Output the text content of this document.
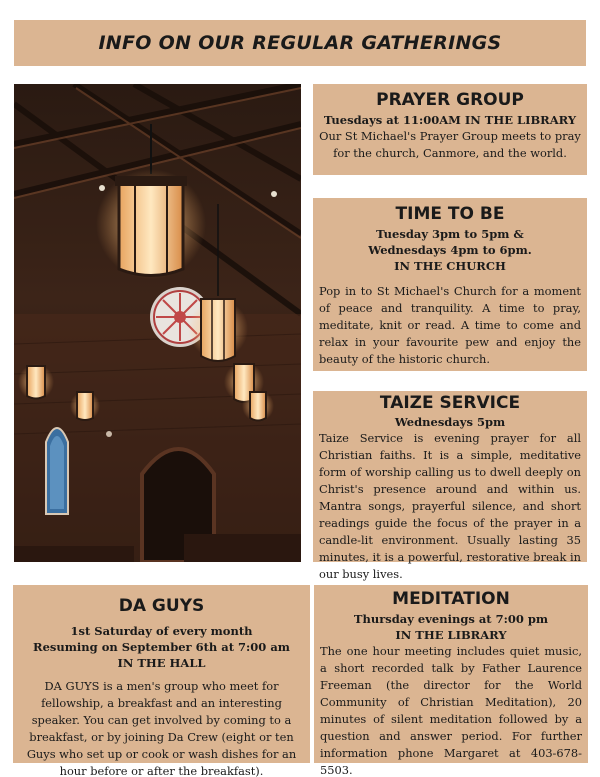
INFO ON OUR REGULAR GATHERINGS
PRAYER GROUP
Tuesdays at 11:00AM IN THE LIBRARY
Our St Michael's Prayer Group meets to pray for the church, Canmore, and the world.
TIME TO BE
Tuesday 3pm to 5pm &
Wednesdays 4pm to 6pm.
IN THE CHURCH
Pop in to St Michael's Church for a moment of peace and tranquility. A time to pray, meditate, knit or read. A time to come and relax in your favourite pew and enjoy the beauty of the historic church.
TAIZE SERVICE
Wednesdays 5pm
Taize Service is evening prayer for all Christian faiths. It is a simple, meditative form of worship calling us to dwell deeply on Christ's presence around and within us. Mantra songs, prayerful silence, and short readings guide the focus of the prayer in a candle-lit environment. Usually lasting 35 minutes, it is a powerful, restorative break in our busy lives.
DA GUYS
1st Saturday of every month
Resuming on September 6th at 7:00 am
IN THE HALL
DA GUYS is a men's group who meet for fellowship, a breakfast and an interesting speaker. You can get involved by coming to a breakfast, or by joining Da Crew (eight or ten Guys who set up or cook or wash dishes for an hour before or after the breakfast).
MEDITATION
Thursday evenings at 7:00 pm
IN THE LIBRARY
The one hour meeting includes quiet music, a short recorded talk by Father Laurence Freeman (the director for the World Community of Christian Meditation), 20 minutes of silent meditation followed by a question and answer period. For further information phone Margaret at 403-678-5503.
